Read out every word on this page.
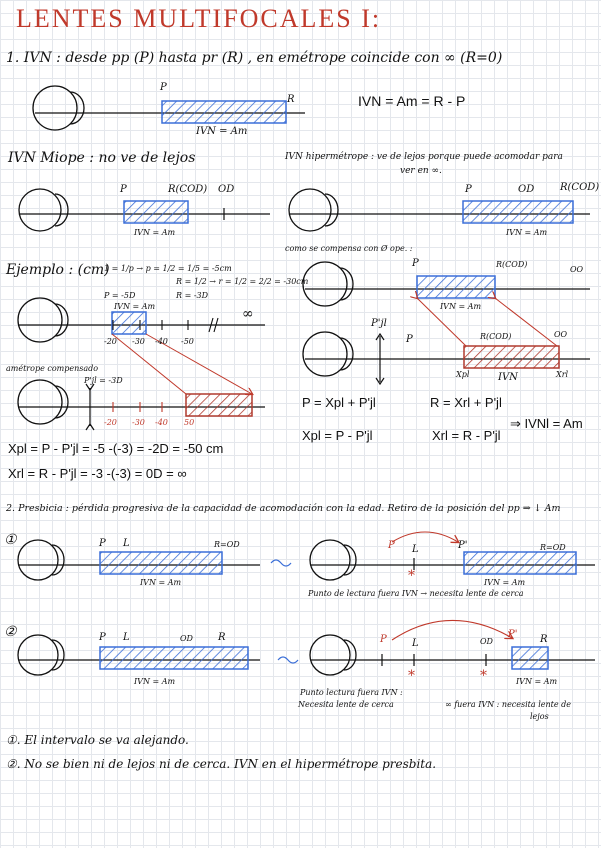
LENTES MULTIFOCALES I:
1. IVN : desde pp (P) hasta pr (R) , en emétrope coincide con ∞ (R=0)
P
R
IVN = Am
IVN = Am = R - P
IVN Miope : no ve de lejos
P	R(COD) OD
IVN = Am
IVN hipermétrope : ve de lejos porque puede acomodar para
ver en ∞.
P	OD	R(COD)
IVN = Am
como se compensa con Ø ope. :
P	R(COD)
OO
IVN = Am
P'jl
P	R(COD)	OO
Xpl	IVN	Xrl
P = Xpl + P'jl	R = Xrl + P'jl
⇒ IVNl = Am
Xpl = P - P'jl	Xrl = R - P'jl
Ejemplo : (cm)
1 = 1/p → p = 1/2 = 1/5 = -5cm
R = 1/2 → r = 1/2 = 2/2 = -30cm
P = -5D	R = -3D
IVN = Am
-20 -30 -40 -50
∞
amétrope compensado
P'jl = -3D
-20 -30 -40 50
Xpl = P - P'jl = -5 -(-3) = -2D = -50 cm
Xrl = R - P'jl = -3 -(-3) = 0D = ∞
2. Presbicia : pérdida progresiva de la capacidad de acomodación con la edad. Retiro de la posición del pp ⇒ ↓ Am
①	P L	R=OD
IVN = Am
P L	P'	R=OD
IVN = Am
*
Punto de lectura fuera IVN → necesita lente de cerca
②	P L	OD	R
IVN = Am
P	L	OD
P' R
IVN = Am
*	*
Punto lectura fuera IVN :
Necesita lente de cerca	∞ fuera IVN : necesita lente de
lejos
①. El intervalo se va alejando.
②. No se bien ni de lejos ni de cerca. IVN en el hipermétrope presbita.
